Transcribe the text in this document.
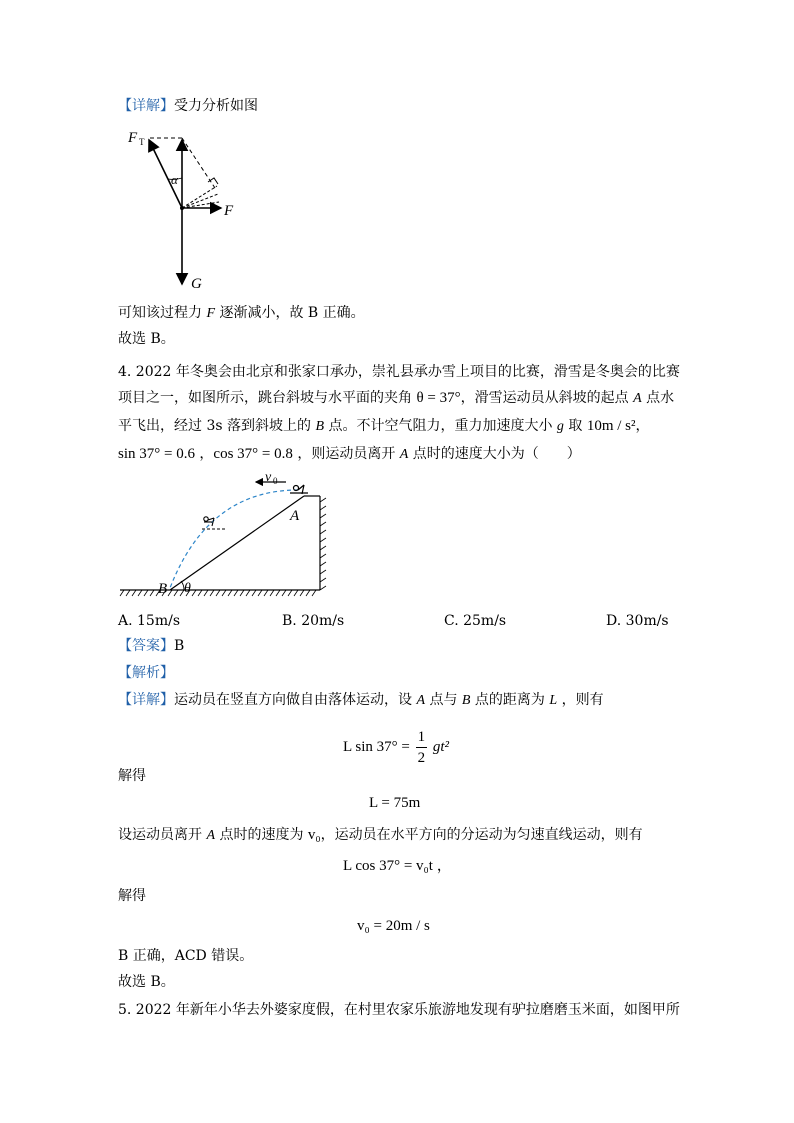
【详解】受力分析如图
F T
α
F
G
可知该过程力 F 逐渐减小，故 B 正确。
故选 B。
4. 2022 年冬奥会由北京和张家口承办，崇礼县承办雪上项目的比赛，滑雪是冬奥会的比赛
项目之一，如图所示，跳台斜坡与水平面的夹角 θ = 37°，滑雪运动员从斜坡的起点 A 点水
平飞出，经过 3s 落到斜坡上的 B 点。不计空气阻力，重力加速度大小 g 取 10m / s²，
sin 37° = 0.6 ，cos 37° = 0.8 ，则运动员离开 A 点时的速度大小为（　　）
v 0
A
B θ
A. 15m/s	B. 20m/s	C. 25m/s	D. 30m/s
【答案】B
【解析】
【详解】运动员在竖直方向做自由落体运动，设 A 点与 B 点的距离为 L ，则有
L $\sin 37^\circ = \frac{1}{2} gt^2$
解得
L = 75m
设运动员离开 A 点时的速度为 v₀，运动员在水平方向的分运动为匀速直线运动，则有
L cos 37° = v₀t ，
解得
v₀ = 20m / s
B 正确，ACD 错误。
故选 B。
5. 2022 年新年小华去外婆家度假，在村里农家乐旅游地发现有驴拉磨磨玉米面，如图甲所
